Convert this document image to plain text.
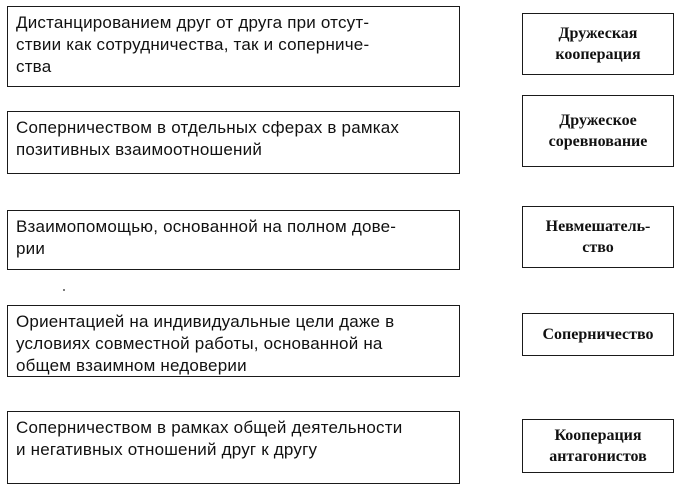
Дистанцированием друг от друга при отсут-
ствии как сотрудничества, так и соперниче-
ства
Соперничеством в отдельных сферах в рамках
позитивных взаимоотношений
Взаимопомощью, основанной на полном дове-
рии
Ориентацией на индивидуальные цели даже в
условиях совместной работы, основанной на
общем взаимном недоверии
Соперничеством в рамках общей деятельности
и негативных отношений друг к другу
Дружеская
кооперация
Дружеское
соревнование
Невмешатель-
ство
Соперничество
Кооперация
антагонистов
